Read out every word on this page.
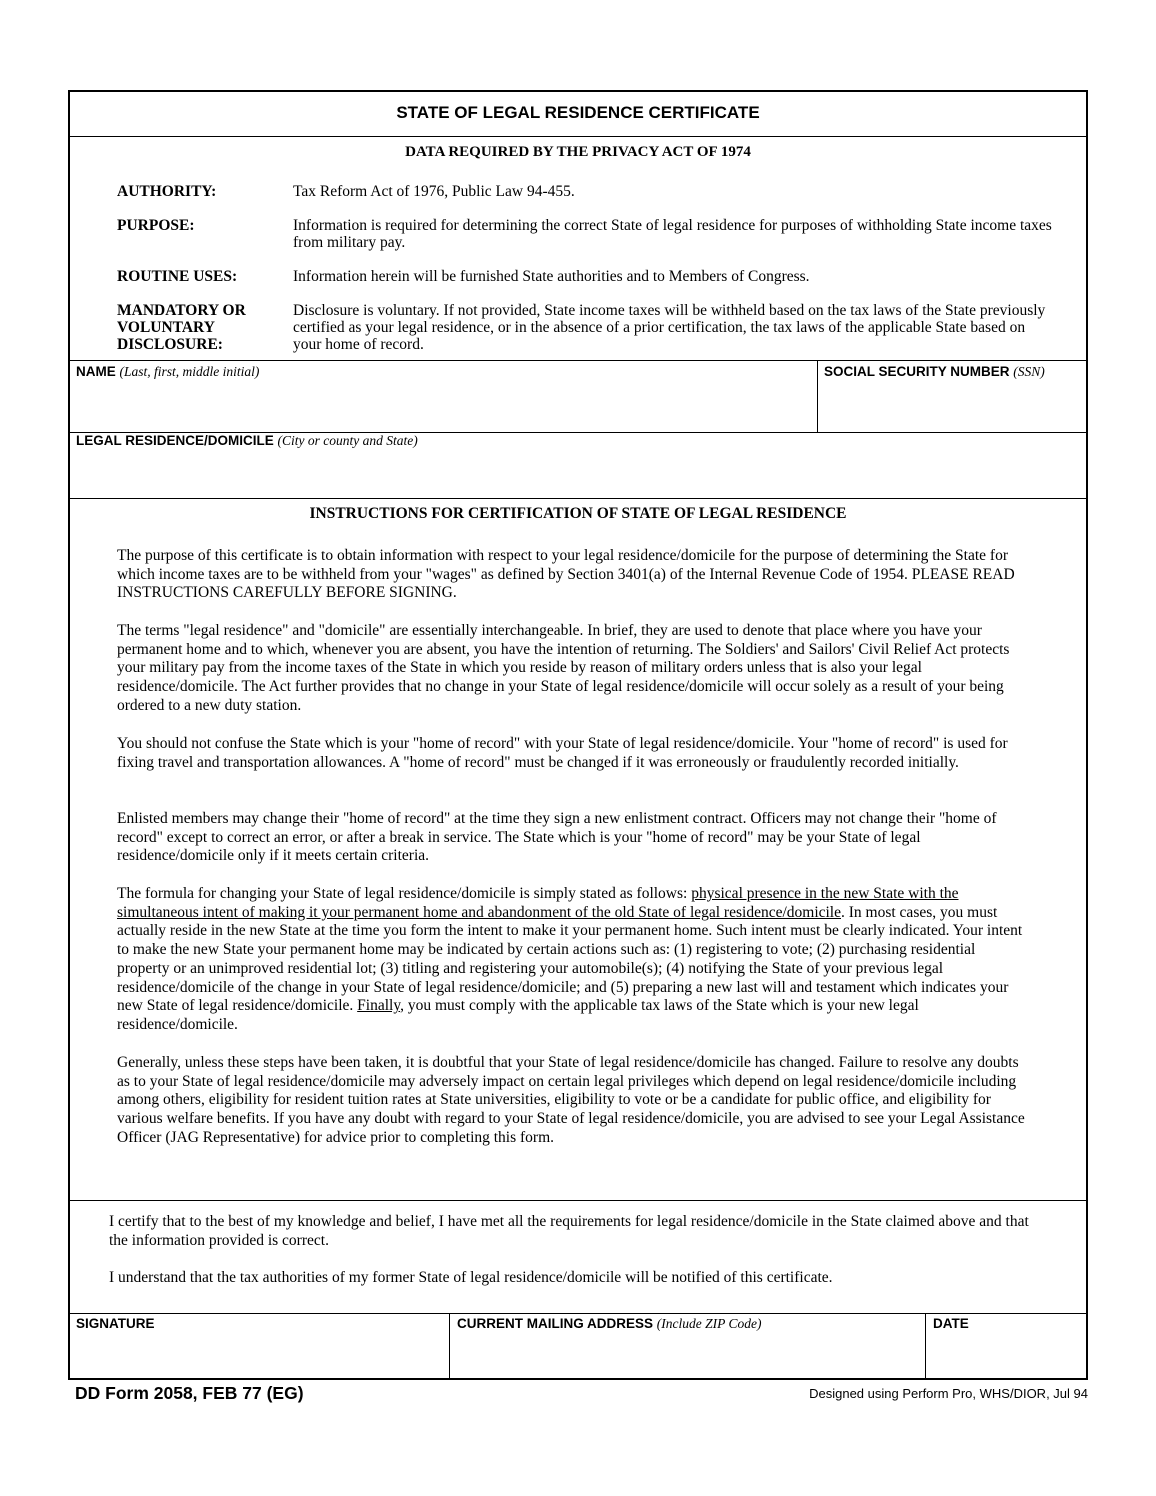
STATE OF LEGAL RESIDENCE CERTIFICATE
DATA REQUIRED BY THE PRIVACY ACT OF 1974
AUTHORITY:	Tax Reform Act of 1976, Public Law 94-455.
PURPOSE:	Information is required for determining the correct State of legal residence for purposes of withholding State income taxes from military pay.
ROUTINE USES:	Information herein will be furnished State authorities and to Members of Congress.
MANDATORY OR
VOLUNTARY
DISCLOSURE:
Disclosure is voluntary. If not provided, State income taxes will be withheld based on the tax laws of the State previously certified as your legal residence, or in the absence of a prior certification, the tax laws of the applicable State based on your home of record.
NAME (Last, first, middle initial)	SOCIAL SECURITY NUMBER (SSN)
LEGAL RESIDENCE/DOMICILE (City or county and State)
INSTRUCTIONS FOR CERTIFICATION OF STATE OF LEGAL RESIDENCE

The purpose of this certificate is to obtain information with respect to your legal residence/domicile for the purpose of determining the State for which income taxes are to be withheld from your "wages" as defined by Section 3401(a) of the Internal Revenue Code of 1954. PLEASE READ INSTRUCTIONS CAREFULLY BEFORE SIGNING.

The terms "legal residence" and "domicile" are essentially interchangeable. In brief, they are used to denote that place where you have your permanent home and to which, whenever you are absent, you have the intention of returning. The Soldiers' and Sailors' Civil Relief Act protects your military pay from the income taxes of the State in which you reside by reason of military orders unless that is also your legal residence/domicile. The Act further provides that no change in your State of legal residence/domicile will occur solely as a result of your being ordered to a new duty station.

You should not confuse the State which is your "home of record" with your State of legal residence/domicile. Your "home of record" is used for fixing travel and transportation allowances. A "home of record" must be changed if it was erroneously or fraudulently recorded initially.

Enlisted members may change their "home of record" at the time they sign a new enlistment contract. Officers may not change their "home of record" except to correct an error, or after a break in service. The State which is your "home of record" may be your State of legal residence/domicile only if it meets certain criteria.

The formula for changing your State of legal residence/domicile is simply stated as follows: physical presence in the new State with the simultaneous intent of making it your permanent home and abandonment of the old State of legal residence/domicile. In most cases, you must actually reside in the new State at the time you form the intent to make it your permanent home. Such intent must be clearly indicated. Your intent to make the new State your permanent home may be indicated by certain actions such as: (1) registering to vote; (2) purchasing residential property or an unimproved residential lot; (3) titling and registering your automobile(s); (4) notifying the State of your previous legal residence/domicile of the change in your State of legal residence/domicile; and (5) preparing a new last will and testament which indicates your new State of legal residence/domicile. Finally, you must comply with the applicable tax laws of the State which is your new legal residence/domicile.

Generally, unless these steps have been taken, it is doubtful that your State of legal residence/domicile has changed. Failure to resolve any doubts as to your State of legal residence/domicile may adversely impact on certain legal privileges which depend on legal residence/domicile including among others, eligibility for resident tuition rates at State universities, eligibility to vote or be a candidate for public office, and eligibility for various welfare benefits. If you have any doubt with regard to your State of legal residence/domicile, you are advised to see your Legal Assistance Officer (JAG Representative) for advice prior to completing this form.

I certify that to the best of my knowledge and belief, I have met all the requirements for legal residence/domicile in the State claimed above and that the information provided is correct.

I understand that the tax authorities of my former State of legal residence/domicile will be notified of this certificate.

SIGNATURE	CURRENT MAILING ADDRESS (Include ZIP Code)	DATE
DD Form 2058, FEB 77 (EG)	Designed using Perform Pro, WHS/DIOR, Jul 94
